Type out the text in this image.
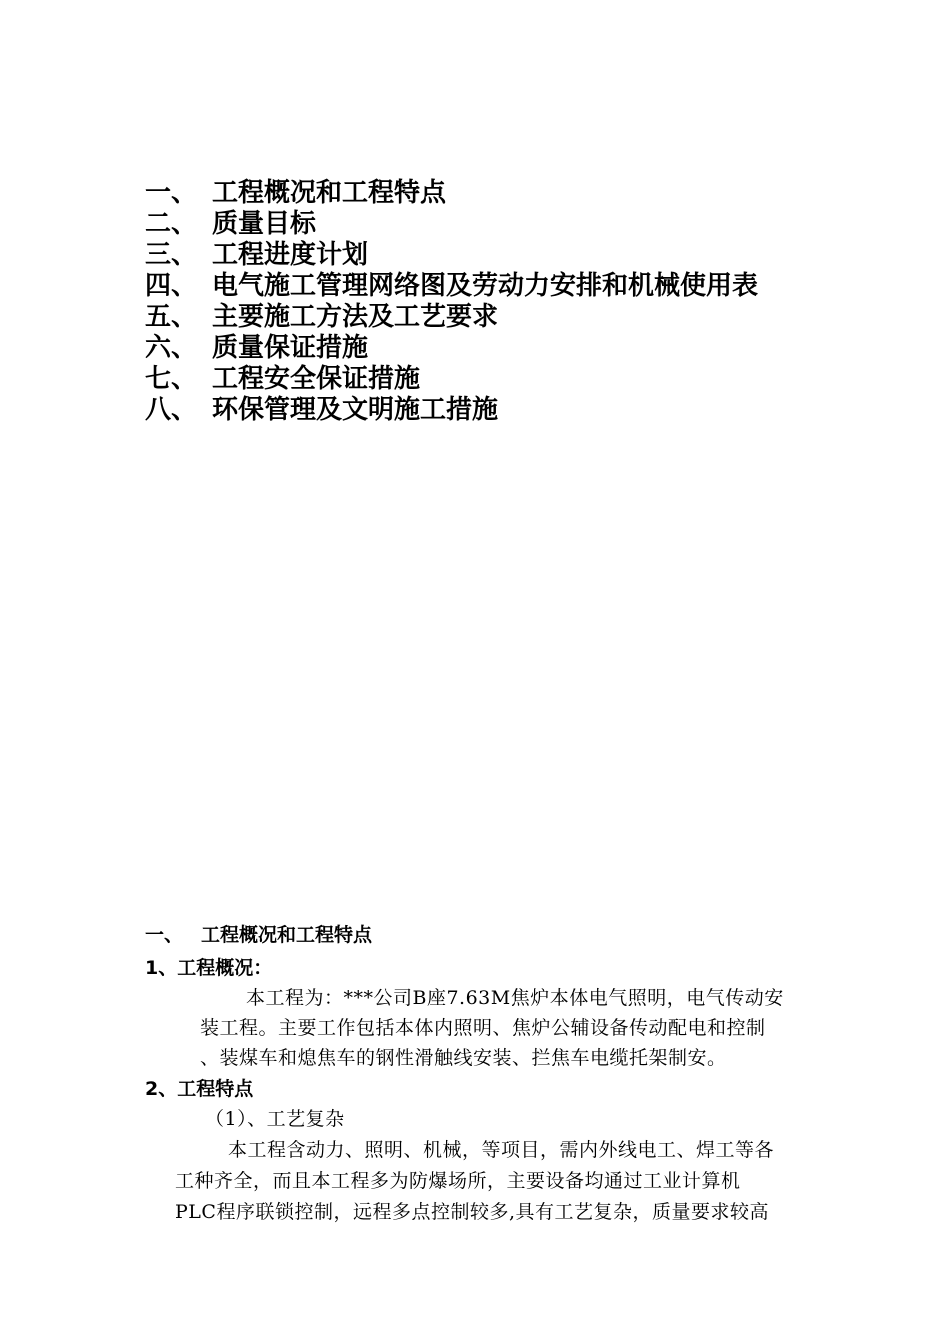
一、 工程概况和工程特点
二、 质量目标
三、 工程进度计划
四、 电气施工管理网络图及劳动力安排和机械使用表
五、 主要施工方法及工艺要求
六、 质量保证措施
七、 工程安全保证措施
八、 环保管理及文明施工措施
一、 工程概况和工程特点
1、工程概况：
本工程为：***公司B座7.63M焦炉本体电气照明，电气传动安
装工程。主要工作包括本体内照明、焦炉公辅设备传动配电和控制
、装煤车和熄焦车的钢性滑触线安装、拦焦车电缆托架制安。
2、工程特点
（1）、工艺复杂
本工程含动力、照明、机械，等项目，需内外线电工、焊工等各
工种齐全，而且本工程多为防爆场所，主要设备均通过工业计算机
PLC程序联锁控制，远程多点控制较多,具有工艺复杂，质量要求较高
